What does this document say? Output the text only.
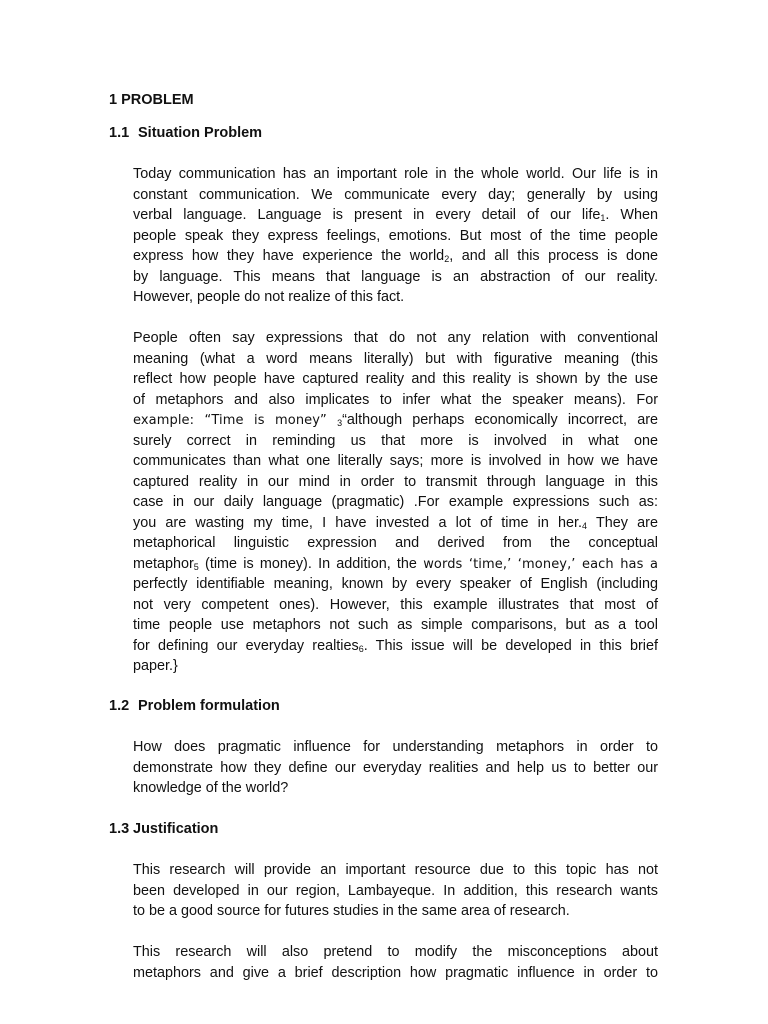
1 PROBLEM
1.1 Situation Problem
Today communication has an important role in the whole world. Our life is in
constant communication. We communicate every day; generally by using
verbal language. Language is present in every detail of our life1. When
people speak they express feelings, emotions. But most of the time people
express how they have experience the world2, and all this process is done
by language. This means that language is an abstraction of our reality.
However, people do not realize of this fact.
People often say expressions that do not any relation with conventional
meaning (what a word means literally) but with figurative meaning (this
reflect how people have captured reality and this reality is shown by the use
of metaphors and also implicates to infer what the speaker means). For
example: “Time is money” 3“although perhaps economically incorrect, are
surely correct in reminding us that more is involved in what one
communicates than what one literally says; more is involved in how we have
captured reality in our mind in order to transmit through language in this
case in our daily language (pragmatic) .For example expressions such as:
you are wasting my time, I have invested a lot of time in her.4 They are
metaphorical linguistic expression and derived from the conceptual
metaphor5 (time is money). In addition, the words ‘time,’ ‘money,’ each has a
perfectly identifiable meaning, known by every speaker of English (including
not very competent ones). However, this example illustrates that most of
time people use metaphors not such as simple comparisons, but as a tool
for defining our everyday realties6. This issue will be developed in this brief
paper.}
1.2 Problem formulation
How does pragmatic influence for understanding metaphors in order to
demonstrate how they define our everyday realities and help us to better our
knowledge of the world?
1.3 Justification
This research will provide an important resource due to this topic has not
been developed in our region, Lambayeque. In addition, this research wants
to be a good source for futures studies in the same area of research.
This research will also pretend to modify the misconceptions about
metaphors and give a brief description how pragmatic influence in order to
